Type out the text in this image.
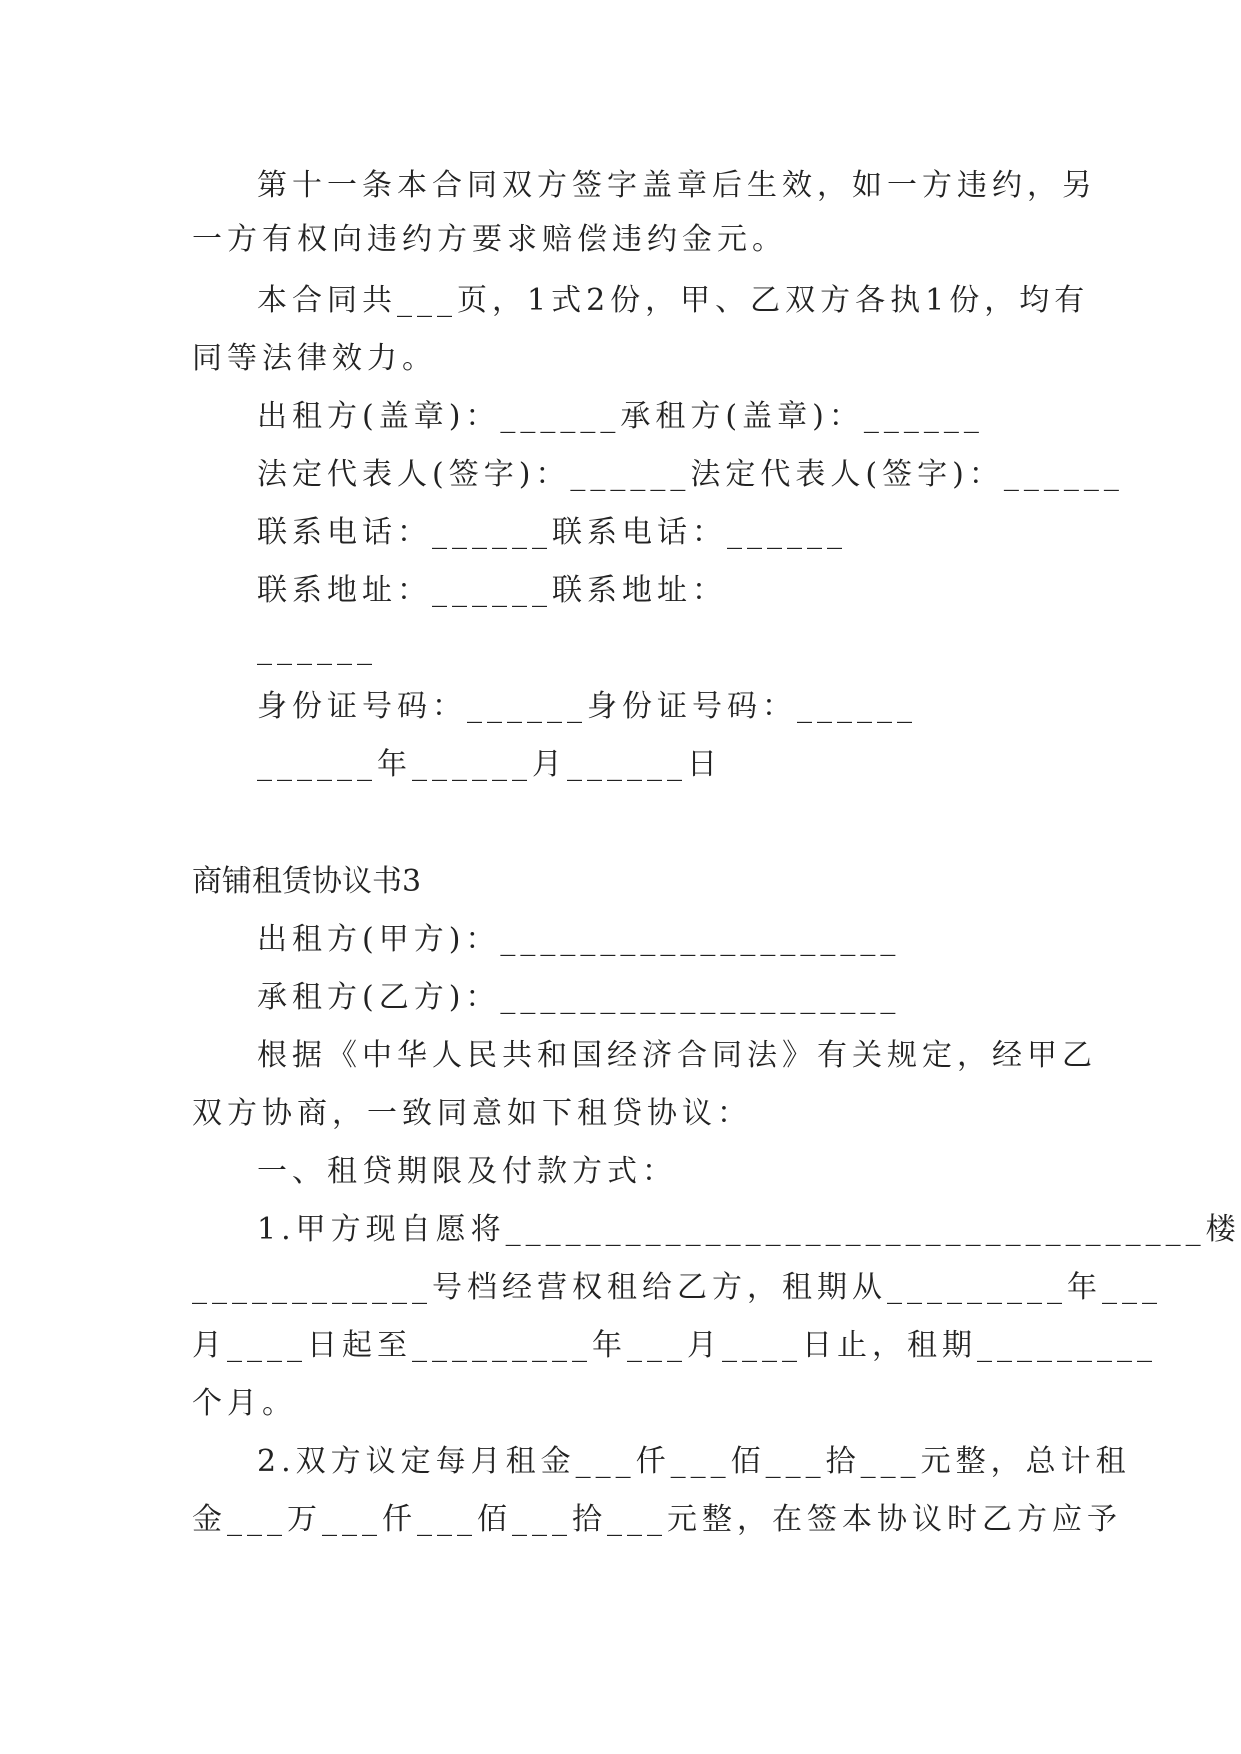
第十一条本合同双方签字盖章后生效，如一方违约，另
一方有权向违约方要求赔偿违约金元。
本合同共___页，1式2份，甲、乙双方各执1份，均有
同等法律效力。
出租方(盖章)：______承租方(盖章)：______
法定代表人(签字)：______法定代表人(签字)：______
联系电话：______联系电话：______
联系地址：______联系地址：
______
身份证号码：______身份证号码：______
______年______月______日
商铺租赁协议书3
出租方(甲方)：____________________
承租方(乙方)：____________________
根据《中华人民共和国经济合同法》有关规定，经甲乙
双方协商，一致同意如下租贷协议：
一、租贷期限及付款方式：
1.甲方现自愿将___________________________________楼
____________号档经营权租给乙方，租期从_________年___
月____日起至_________年___月____日止，租期_________
个月。
2.双方议定每月租金___仟___佰___拾___元整，总计租
金___万___仟___佰___拾___元整，在签本协议时乙方应予
